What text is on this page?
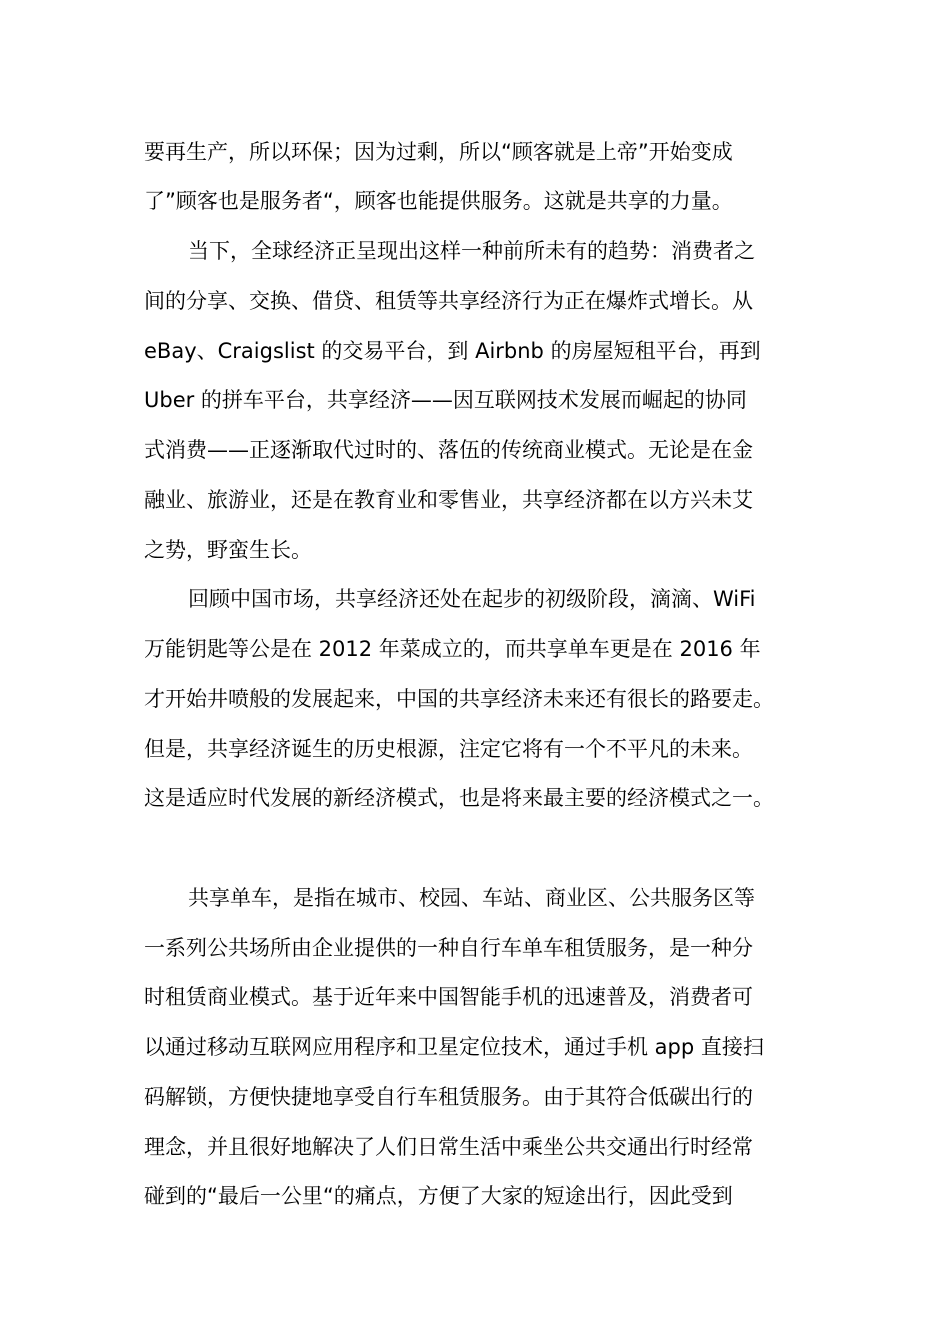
要再生产，所以环保；因为过剩，所以“顾客就是上帝”开始变成
了”顾客也是服务者“，顾客也能提供服务。这就是共享的力量。
当下，全球经济正呈现出这样一种前所未有的趋势：消费者之
间的分享、交换、借贷、租赁等共享经济行为正在爆炸式增长。从
eBay、Craigslist 的交易平台，到 Airbnb 的房屋短租平台，再到
Uber 的拼车平台，共享经济——因互联网技术发展而崛起的协同
式消费——正逐渐取代过时的、落伍的传统商业模式。无论是在金
融业、旅游业，还是在教育业和零售业，共享经济都在以方兴未艾
之势，野蛮生长。
回顾中国市场，共享经济还处在起步的初级阶段，滴滴、WiFi
万能钥匙等公是在 2012 年菜成立的，而共享单车更是在 2016 年
才开始井喷般的发展起来，中国的共享经济未来还有很长的路要走。
但是，共享经济诞生的历史根源，注定它将有一个不平凡的未来。
这是适应时代发展的新经济模式，也是将来最主要的经济模式之一。
共享单车，是指在城市、校园、车站、商业区、公共服务区等
一系列公共场所由企业提供的一种自行车单车租赁服务，是一种分
时租赁商业模式。基于近年来中国智能手机的迅速普及，消费者可
以通过移动互联网应用程序和卫星定位技术，通过手机 app 直接扫
码解锁，方便快捷地享受自行车租赁服务。由于其符合低碳出行的
理念，并且很好地解决了人们日常生活中乘坐公共交通出行时经常
碰到的“最后一公里“的痛点，方便了大家的短途出行，因此受到
